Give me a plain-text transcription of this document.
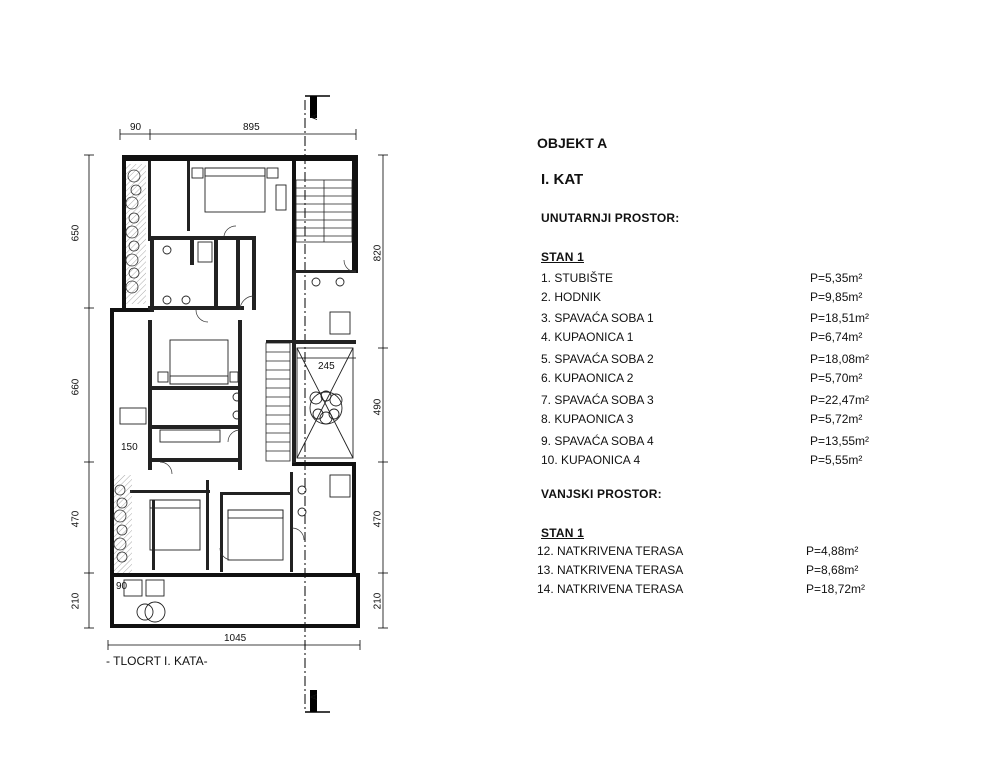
90	895
1045
650
660
470
210
820
490
470
210
245
150
90
A
A
- TLOCRT I. KATA-
OBJEKT A
I. KAT
UNUTARNJI PROSTOR:
STAN 1
1. STUBIŠTE	P=5,35m²
2. HODNIK	P=9,85m²
3. SPAVAĆA SOBA 1	P=18,51m²
4. KUPAONICA 1	P=6,74m²
5. SPAVAĆA SOBA 2	P=18,08m²
6. KUPAONICA 2	P=5,70m²
7. SPAVAĆA SOBA 3	P=22,47m²
8. KUPAONICA 3	P=5,72m²
9. SPAVAĆA SOBA 4	P=13,55m²
10. KUPAONICA 4	P=5,55m²
VANJSKI PROSTOR:
STAN 1
12. NATKRIVENA TERASA	P=4,88m²
13. NATKRIVENA TERASA	P=8,68m²
14. NATKRIVENA TERASA	P=18,72m²
